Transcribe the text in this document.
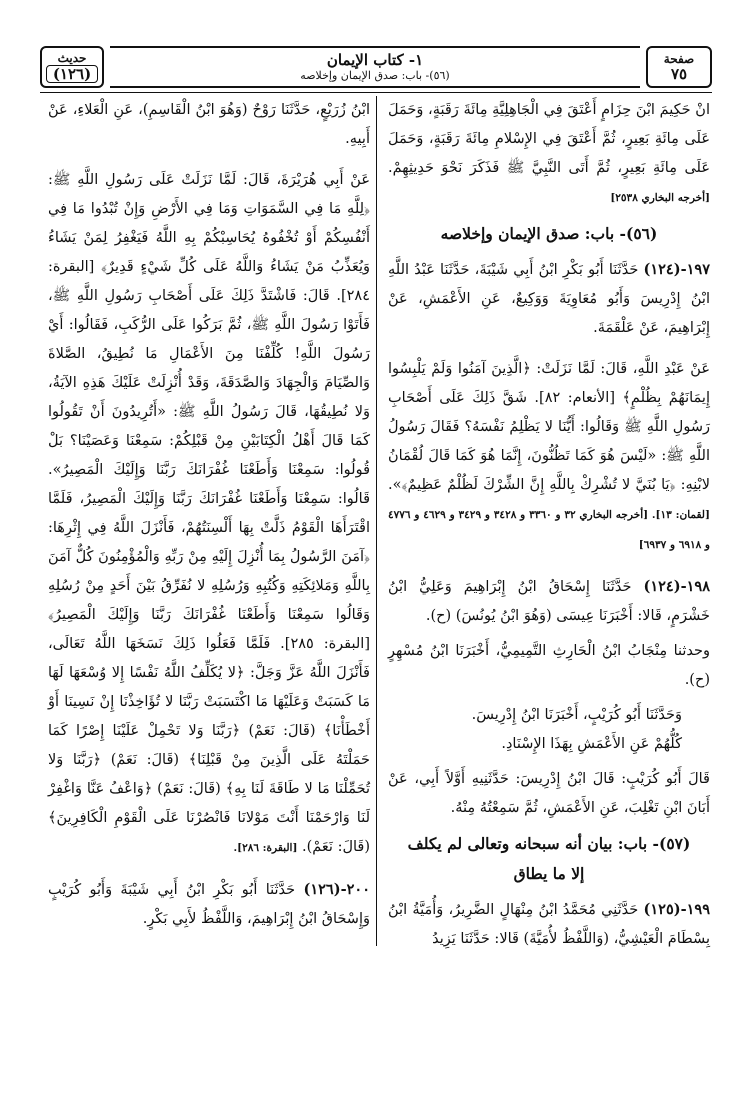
صفحة
٧٥
١- كتاب الإيمان
(٥٦)- باب: صدق الإيمان وإخلاصه
حديث
(١٢٦)

انْ حَكِيمَ ابْنَ حِزَامٍ أَعْتَقَ فِي الْجَاهِلِيَّةِ مِائَةَ رَقَبَةٍ، وَحَمَلَ عَلَى مِائَةِ بَعِيرٍ، ثُمَّ أَعْتَقَ فِي الإِسْلامِ مِائَةَ رَقَبَةٍ، وَحَمَلَ عَلَى مِائَةِ بَعِيرٍ، ثُمَّ أَتَى النَّبِيَّ ﷺ فَذَكَرَ نَحْوَ حَدِيثِهِمْ. [أخرجه البخاري ٢٥٣٨]

(٥٦)- باب: صدق الإيمان وإخلاصه

١٩٧-(١٢٤) حَدَّثَنَا أَبُو بَكْرِ ابْنُ أَبِي شَيْبَةَ، حَدَّثَنَا عَبْدُ اللَّهِ ابْنُ إِدْرِيسَ وَأَبُو مُعَاوِيَةَ وَوَكِيعٌ، عَنِ الأَعْمَشِ، عَنْ إِبْرَاهِيمَ، عَنْ عَلْقَمَةَ.

عَنْ عَبْدِ اللَّهِ، قَالَ: لَمَّا نَزَلَتْ: ﴿الَّذِينَ آمَنُوا وَلَمْ يَلْبِسُوا إِيمَانَهُمْ بِظُلْمٍ﴾ [الأنعام: ٨٢]. شَقَّ ذَلِكَ عَلَى أَصْحَابِ رَسُولِ اللَّهِ ﷺ وَقَالُوا: أَيُّنَا لا يَظْلِمُ نَفْسَهُ؟ فَقَالَ رَسُولُ اللَّهِ ﷺ: «لَيْسَ هُوَ كَمَا تَظُنُّونَ، إِنَّمَا هُوَ كَمَا قَالَ لُقْمَانُ لابْنِهِ: ﴿يَا بُنَيَّ لا تُشْرِكْ بِاللَّهِ إِنَّ الشِّرْكَ لَظُلْمٌ عَظِيمٌ﴾». [لقمان: ١٣]. [أخرجه البخاري ٣٢ و ٣٣٦٠ و ٣٤٢٨ و ٣٤٢٩ و ٤٦٢٩ و ٤٧٧٦ و ٦٩١٨ و ٦٩٣٧]

١٩٨-(١٢٤) حَدَّثَنَا إِسْحَاقُ ابْنُ إِبْرَاهِيمَ وَعَلِيُّ ابْنُ خَشْرَمٍ، قَالا: أَخْبَرَنَا عِيسَى (وَهُوَ ابْنُ يُونُسَ) (ح).

وحدثنا مِنْجَابُ ابْنُ الْحَارِثِ التَّمِيمِيُّ، أَخْبَرَنَا ابْنُ مُسْهِرٍ (ح).

وَحَدَّثَنَا أَبُو كُرَيْبٍ، أَخْبَرَنَا ابْنُ إِدْرِيسَ.

كُلُّهُمْ عَنِ الأَعْمَشِ بِهَذَا الإِسْنَادِ.

قَالَ أَبُو كُرَيْبٍ: قَالَ ابْنُ إِدْرِيسَ: حَدَّثَنِيهِ أَوَّلاً أَبِي، عَنْ أَبَانَ ابْنِ تَغْلِبَ، عَنِ الأَعْمَشِ، ثُمَّ سَمِعْتُهُ مِنْهُ.

(٥٧)- باب: بيان أنه سبحانه وتعالى لم يكلف
إلا ما يطاق

١٩٩-(١٢٥) حَدَّثَنِي مُحَمَّدُ ابْنُ مِنْهَالٍ الضَّرِيرُ، وَأُمَيَّةُ ابْنُ بِسْطَامَ الْعَيْشِيُّ، (وَاللَّفْظُ لأُمَيَّةَ) قَالا: حَدَّثَنَا يَزِيدُ

ابْنُ زُرَيْعٍ، حَدَّثَنَا رَوْحٌ (وَهُوَ ابْنُ الْقَاسِمِ)، عَنِ الْعَلاءِ، عَنْ أَبِيهِ.

عَنْ أَبِي هُرَيْرَةَ، قَالَ: لَمَّا نَزَلَتْ عَلَى رَسُولِ اللَّهِ ﷺ: ﴿لِلَّهِ مَا فِي السَّمَوَاتِ وَمَا فِي الأَرْضِ وَإِنْ تُبْدُوا مَا فِي أَنْفُسِكُمْ أَوْ تُخْفُوهُ يُحَاسِبْكُمْ بِهِ اللَّهُ فَيَغْفِرُ لِمَنْ يَشَاءُ وَيُعَذِّبُ مَنْ يَشَاءُ وَاللَّهُ عَلَى كُلِّ شَيْءٍ قَدِيرٌ﴾ [البقرة: ٢٨٤]. قَالَ: فَاشْتَدَّ ذَلِكَ عَلَى أَصْحَابِ رَسُولِ اللَّهِ ﷺ، فَأَتَوْا رَسُولَ اللَّهِ ﷺ، ثُمَّ بَرَكُوا عَلَى الرُّكَبِ، فَقَالُوا: أَيْ رَسُولَ اللَّهِ! كُلِّفْنَا مِنَ الأَعْمَالِ مَا نُطِيقُ، الصَّلاةَ وَالصِّيَامَ وَالْجِهَادَ وَالصَّدَقَةَ، وَقَدْ أُنْزِلَتْ عَلَيْكَ هَذِهِ الآيَةُ، وَلا نُطِيقُهَا، قَالَ رَسُولُ اللَّهِ ﷺ: «أَتُرِيدُونَ أَنْ تَقُولُوا كَمَا قَالَ أَهْلُ الْكِتَابَيْنِ مِنْ قَبْلِكُمْ: سَمِعْنَا وَعَصَيْنَا؟ بَلْ قُولُوا: سَمِعْنَا وَأَطَعْنَا غُفْرَانَكَ رَبَّنَا وَإِلَيْكَ الْمَصِيرُ». قَالُوا: سَمِعْنَا وَأَطَعْنَا غُفْرَانَكَ رَبَّنَا وَإِلَيْكَ الْمَصِيرُ، فَلَمَّا اقْتَرَأَهَا الْقَوْمُ ذَلَّتْ بِهَا أَلْسِنَتُهُمْ، فَأَنْزَلَ اللَّهُ فِي إِثْرِهَا: ﴿آمَنَ الرَّسُولُ بِمَا أُنْزِلَ إِلَيْهِ مِنْ رَبِّهِ وَالْمُؤْمِنُونَ كُلٌّ آمَنَ بِاللَّهِ وَمَلائِكَتِهِ وَكُتُبِهِ وَرُسُلِهِ لا نُفَرِّقُ بَيْنَ أَحَدٍ مِنْ رُسُلِهِ وَقَالُوا سَمِعْنَا وَأَطَعْنَا غُفْرَانَكَ رَبَّنَا وَإِلَيْكَ الْمَصِيرُ﴾ [البقرة: ٢٨٥]. فَلَمَّا فَعَلُوا ذَلِكَ نَسَخَهَا اللَّهُ تَعَالَى، فَأَنْزَلَ اللَّهُ عَزَّ وَجَلَّ: ﴿لا يُكَلِّفُ اللَّهُ نَفْسًا إِلا وُسْعَهَا لَهَا مَا كَسَبَتْ وَعَلَيْهَا مَا اكْتَسَبَتْ رَبَّنَا لا تُؤَاخِذْنَا إِنْ نَسِينَا أَوْ أَخْطَأْنَا﴾ (قَالَ: نَعَمْ) ﴿رَبَّنَا وَلا تَحْمِلْ عَلَيْنَا إِصْرًا كَمَا حَمَلْتَهُ عَلَى الَّذِينَ مِنْ قَبْلِنَا﴾ (قَالَ: نَعَمْ) ﴿رَبَّنَا وَلا تُحَمِّلْنَا مَا لا طَاقَةَ لَنَا بِهِ﴾ (قَالَ: نَعَمْ) ﴿وَاعْفُ عَنَّا وَاغْفِرْ لَنَا وَارْحَمْنَا أَنْتَ مَوْلانَا فَانْصُرْنَا عَلَى الْقَوْمِ الْكَافِرِينَ﴾ (قَالَ: نَعَمْ). [البقرة: ٢٨٦].

٢٠٠-(١٢٦) حَدَّثَنَا أَبُو بَكْرِ ابْنُ أَبِي شَيْبَةَ وَأَبُو كُرَيْبٍ وَإِسْحَاقُ ابْنُ إِبْرَاهِيمَ، وَاللَّفْظُ لأَبِي بَكْرٍ.
